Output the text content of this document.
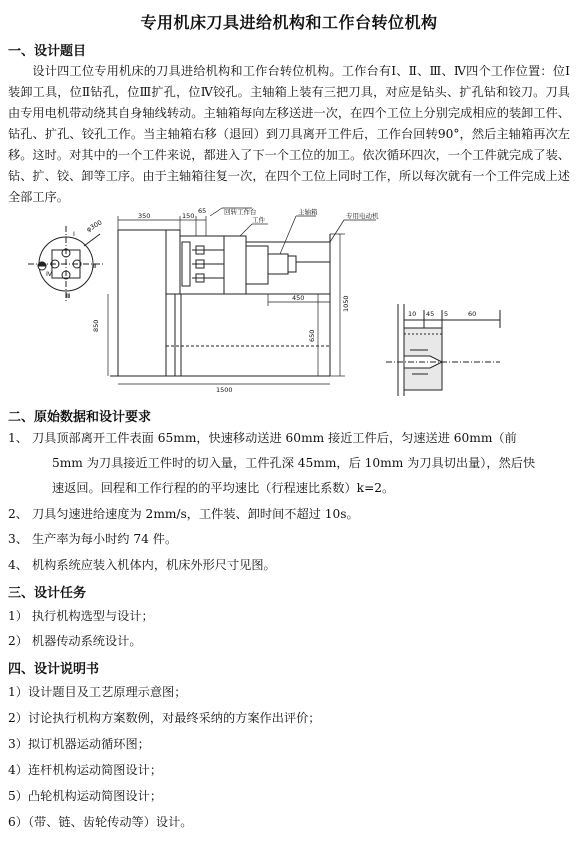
专用机床刀具进给机构和工作台转位机构
一、设计题目

设计四工位专用机床的刀具进给机构和工作台转位机构。工作台有Ⅰ、Ⅱ、Ⅲ、Ⅳ四个工作位置：位Ⅰ装卸工具，位Ⅱ钻孔，位Ⅲ扩孔，位Ⅳ铰孔。主轴箱上装有三把刀具，对应是钻头、扩孔钻和铰刀。刀具由专用电机带动绕其自身轴线转动。主轴箱每向左移送进一次，在四个工位上分别完成相应的装卸工件、钻孔、扩孔、铰孔工作。当主轴箱右移（退回）到刀具离开工件后，工作台回转90°，然后主轴箱再次左移。这时。对其中的一个工件来说，都进入了下一个工位的加工。依次循环四次，一个工件就完成了装、钻、扩、铰、卸等工序。由于主轴箱往复一次，在四个工位上同时工作，所以每次就有一个工件完成上述全部工序。

350	150
65	回转工作台
工件
主轴箱	专用电动机
450
1500
850
650
1050
10 45 5	60
φ300
Ⅰ
Ⅱ
Ⅲ
Ⅳ
二、原始数据和设计要求
1、 刀具顶部离开工件表面 65mm，快速移动送进 60mm 接近工件后，匀速送进 60mm（前
5mm 为刀具接近工件时的切入量，工件孔深 45mm，后 10mm 为刀具切出量），然后快
速返回。回程和工作行程的的平均速比（行程速比系数）k=2。
2、 刀具匀速进给速度为 2mm/s，工件装、卸时间不超过 10s。
3、 生产率为每小时约 74 件。
4、 机构系统应装入机体内，机床外形尺寸见图。
三、设计任务
1） 执行机构选型与设计；
2） 机器传动系统设计。
四、设计说明书
1）设计题目及工艺原理示意图；
2）讨论执行机构方案数例，对最终采纳的方案作出评价；
3）拟订机器运动循环图；
4）连杆机构运动简图设计；
5）凸轮机构运动简图设计；
6）（带、链、齿轮传动等）设计。
